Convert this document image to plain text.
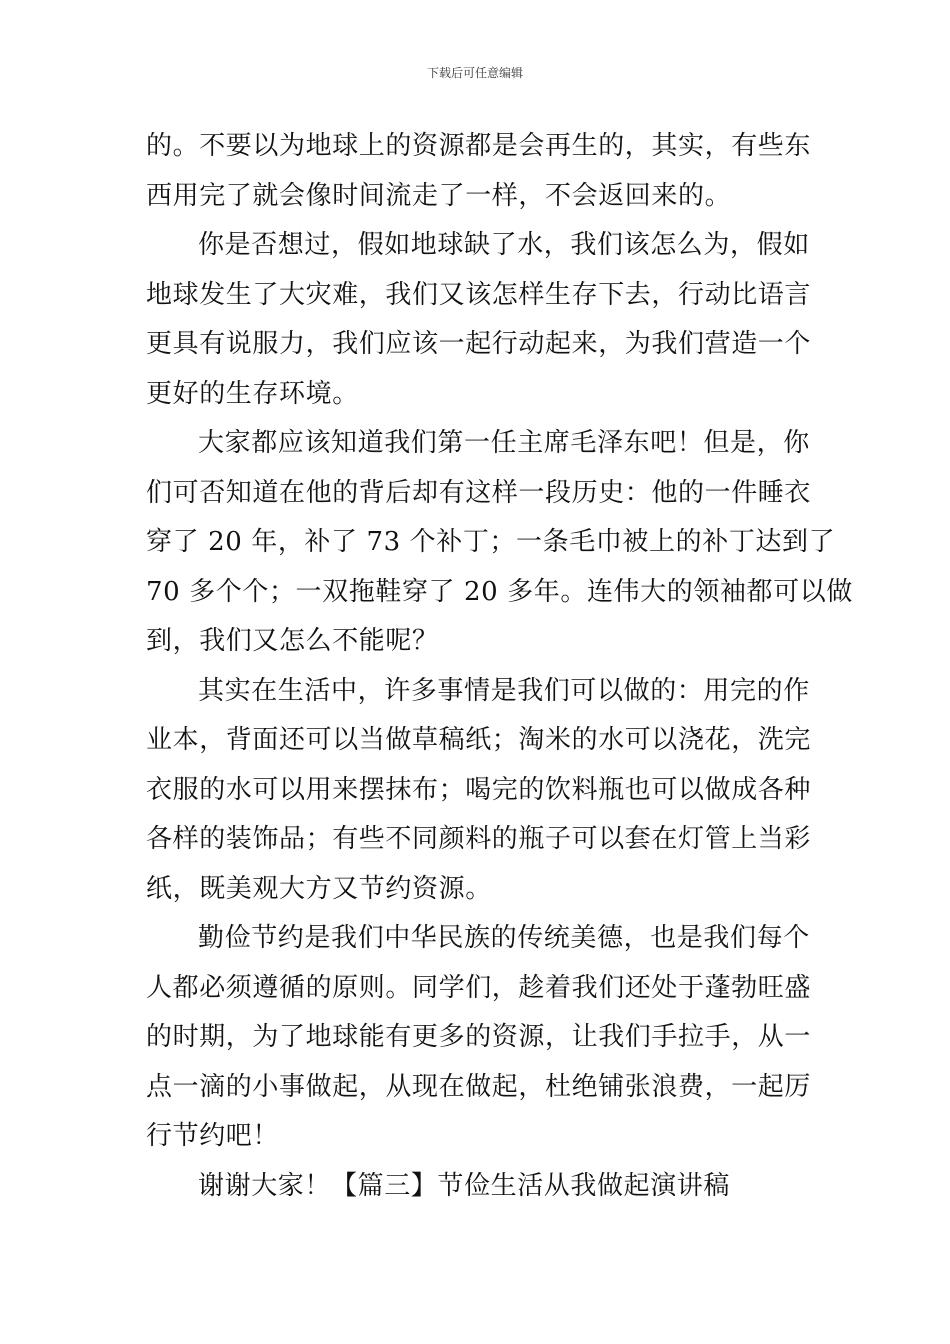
下载后可任意编辑
的。不要以为地球上的资源都是会再生的，其实，有些东
西用完了就会像时间流走了一样，不会返回来的。
你是否想过，假如地球缺了水，我们该怎么为，假如
地球发生了大灾难，我们又该怎样生存下去，行动比语言
更具有说服力，我们应该一起行动起来，为我们营造一个
更好的生存环境。
大家都应该知道我们第一任主席毛泽东吧！但是，你
们可否知道在他的背后却有这样一段历史：他的一件睡衣
穿了 20 年，补了 73 个补丁；一条毛巾被上的补丁达到了
70 多个个；一双拖鞋穿了 20 多年。连伟大的领袖都可以做
到，我们又怎么不能呢？
其实在生活中，许多事情是我们可以做的：用完的作
业本，背面还可以当做草稿纸；淘米的水可以浇花，洗完
衣服的水可以用来摆抹布；喝完的饮料瓶也可以做成各种
各样的装饰品；有些不同颜料的瓶子可以套在灯管上当彩
纸，既美观大方又节约资源。
勤俭节约是我们中华民族的传统美德，也是我们每个
人都必须遵循的原则。同学们，趁着我们还处于蓬勃旺盛
的时期，为了地球能有更多的资源，让我们手拉手，从一
点一滴的小事做起，从现在做起，杜绝铺张浪费，一起厉
行节约吧！
谢谢大家！【篇三】节俭生活从我做起演讲稿
